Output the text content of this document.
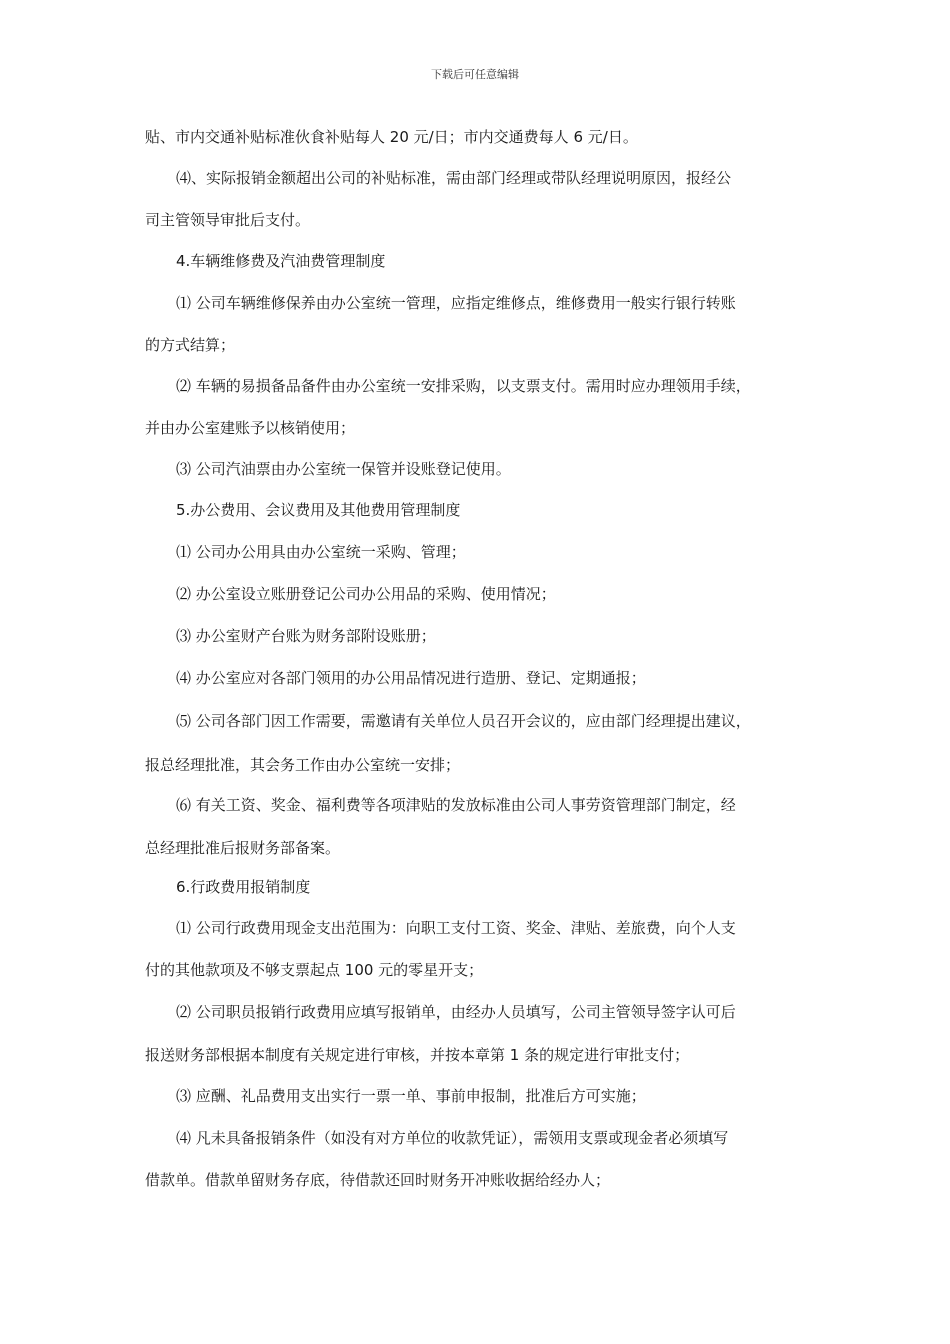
下载后可任意编辑
贴、市内交通补贴标准伙食补贴每人 20 元/日；市内交通费每人 6 元/日。
⑷、实际报销金额超出公司的补贴标准，需由部门经理或带队经理说明原因，报经公
司主管领导审批后支付。
4.车辆维修费及汽油费管理制度
⑴ 公司车辆维修保养由办公室统一管理，应指定维修点，维修费用一般实行银行转账
的方式结算；
⑵ 车辆的易损备品备件由办公室统一安排采购，以支票支付。需用时应办理领用手续，
并由办公室建账予以核销使用；
⑶ 公司汽油票由办公室统一保管并设账登记使用。
5.办公费用、会议费用及其他费用管理制度
⑴ 公司办公用具由办公室统一采购、管理；
⑵ 办公室设立账册登记公司办公用品的采购、使用情况；
⑶ 办公室财产台账为财务部附设账册；
⑷ 办公室应对各部门领用的办公用品情况进行造册、登记、定期通报；
⑸ 公司各部门因工作需要，需邀请有关单位人员召开会议的，应由部门经理提出建议，
报总经理批准，其会务工作由办公室统一安排；
⑹ 有关工资、奖金、福利费等各项津贴的发放标准由公司人事劳资管理部门制定，经
总经理批准后报财务部备案。
6.行政费用报销制度
⑴ 公司行政费用现金支出范围为：向职工支付工资、奖金、津贴、差旅费，向个人支
付的其他款项及不够支票起点 100 元的零星开支；
⑵ 公司职员报销行政费用应填写报销单，由经办人员填写，公司主管领导签字认可后
报送财务部根据本制度有关规定进行审核，并按本章第 1 条的规定进行审批支付；
⑶ 应酬、礼品费用支出实行一票一单、事前申报制，批准后方可实施；
⑷ 凡未具备报销条件（如没有对方单位的收款凭证），需领用支票或现金者必须填写
借款单。借款单留财务存底，待借款还回时财务开冲账收据给经办人；
